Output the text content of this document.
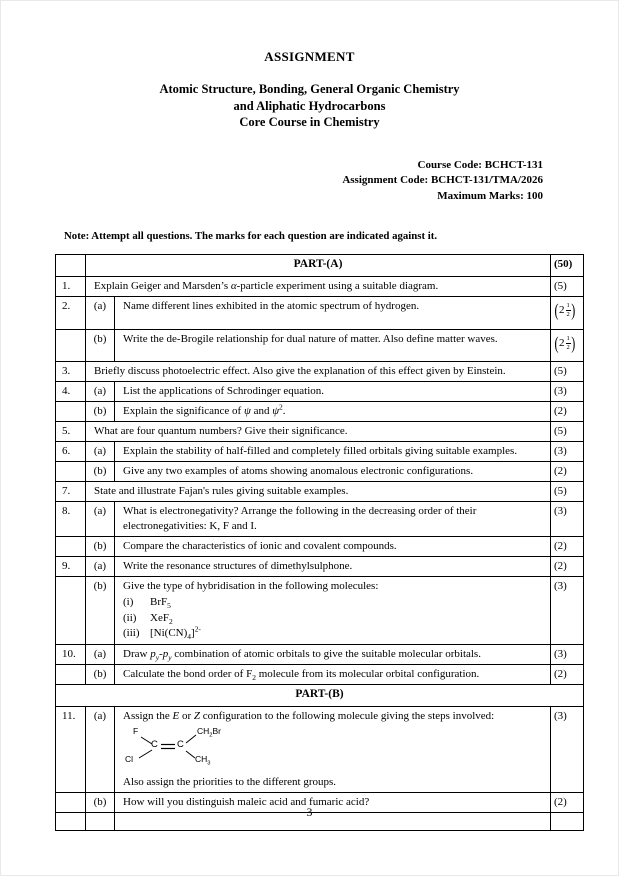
ASSIGNMENT
Atomic Structure, Bonding, General Organic Chemistry
and Aliphatic Hydrocarbons
Core Course in Chemistry
Course Code: BCHCT-131
Assignment Code: BCHCT-131/TMA/2026
Maximum Marks: 100
Note: Attempt all questions. The marks for each question are indicated against it.
	PART-(A)		(50)
1.	Explain Geiger and Marsden’s α-particle experiment using a suitable diagram.		(5)
2.	(a)	Name different lines exhibited in the atomic spectrum of hydrogen.	( 2 1
2 )

	(b)	Write the de-Brogile relationship for dual nature of matter. Also define matter waves.	( 2 1
2 )

3.	Briefly discuss photoelectric effect. Also give the explanation of this effect given by Einstein.		(5)
4.	(a)	List the applications of Schrodinger equation.	(3)
	(b)	Explain the significance of ψ and $\psi^2$.	(2)
5.	What are four quantum numbers? Give their significance.		(5)
6.	(a)	Explain the stability of half-filled and completely filled orbitals giving suitable examples.	(3)
	(b)	Give any two examples of atoms showing anomalous electronic configurations.	(2)
7.	State and illustrate Fajan's rules giving suitable examples.		(5)
8.	(a)	What is electronegativity? Arrange the following in the decreasing order of their electronegativities: K, F and I.	(3)
	(b)	Compare the characteristics of ionic and covalent compounds.	(2)
9.	(a)	Write the resonance structures of dimethylsulphone.	(2)
	(b)	Give the type of hybridisation in the following molecules:
(i) BrF$_5$
(ii) XeF$_2$
(iii) $[Ni(CN)_4]^{2-}$	(3)
10.	(a)	Draw $p_y-p_y$ combination of atomic orbitals to give the suitable molecular orbitals.	(3)
	(b)	Calculate the bond order of $F_2$ molecule from its molecular orbital configuration.	(2)
PART-(B)			
11.	(a)	Assign the E or Z configuration to the following molecule giving the steps involved:
F
Cl
C C
$CH_2Br$
$CH_3$
Also assign the priorities to the different groups.
	(3)
	(b)	How will you distinguish maleic acid and fumaric acid?	(2)

3
